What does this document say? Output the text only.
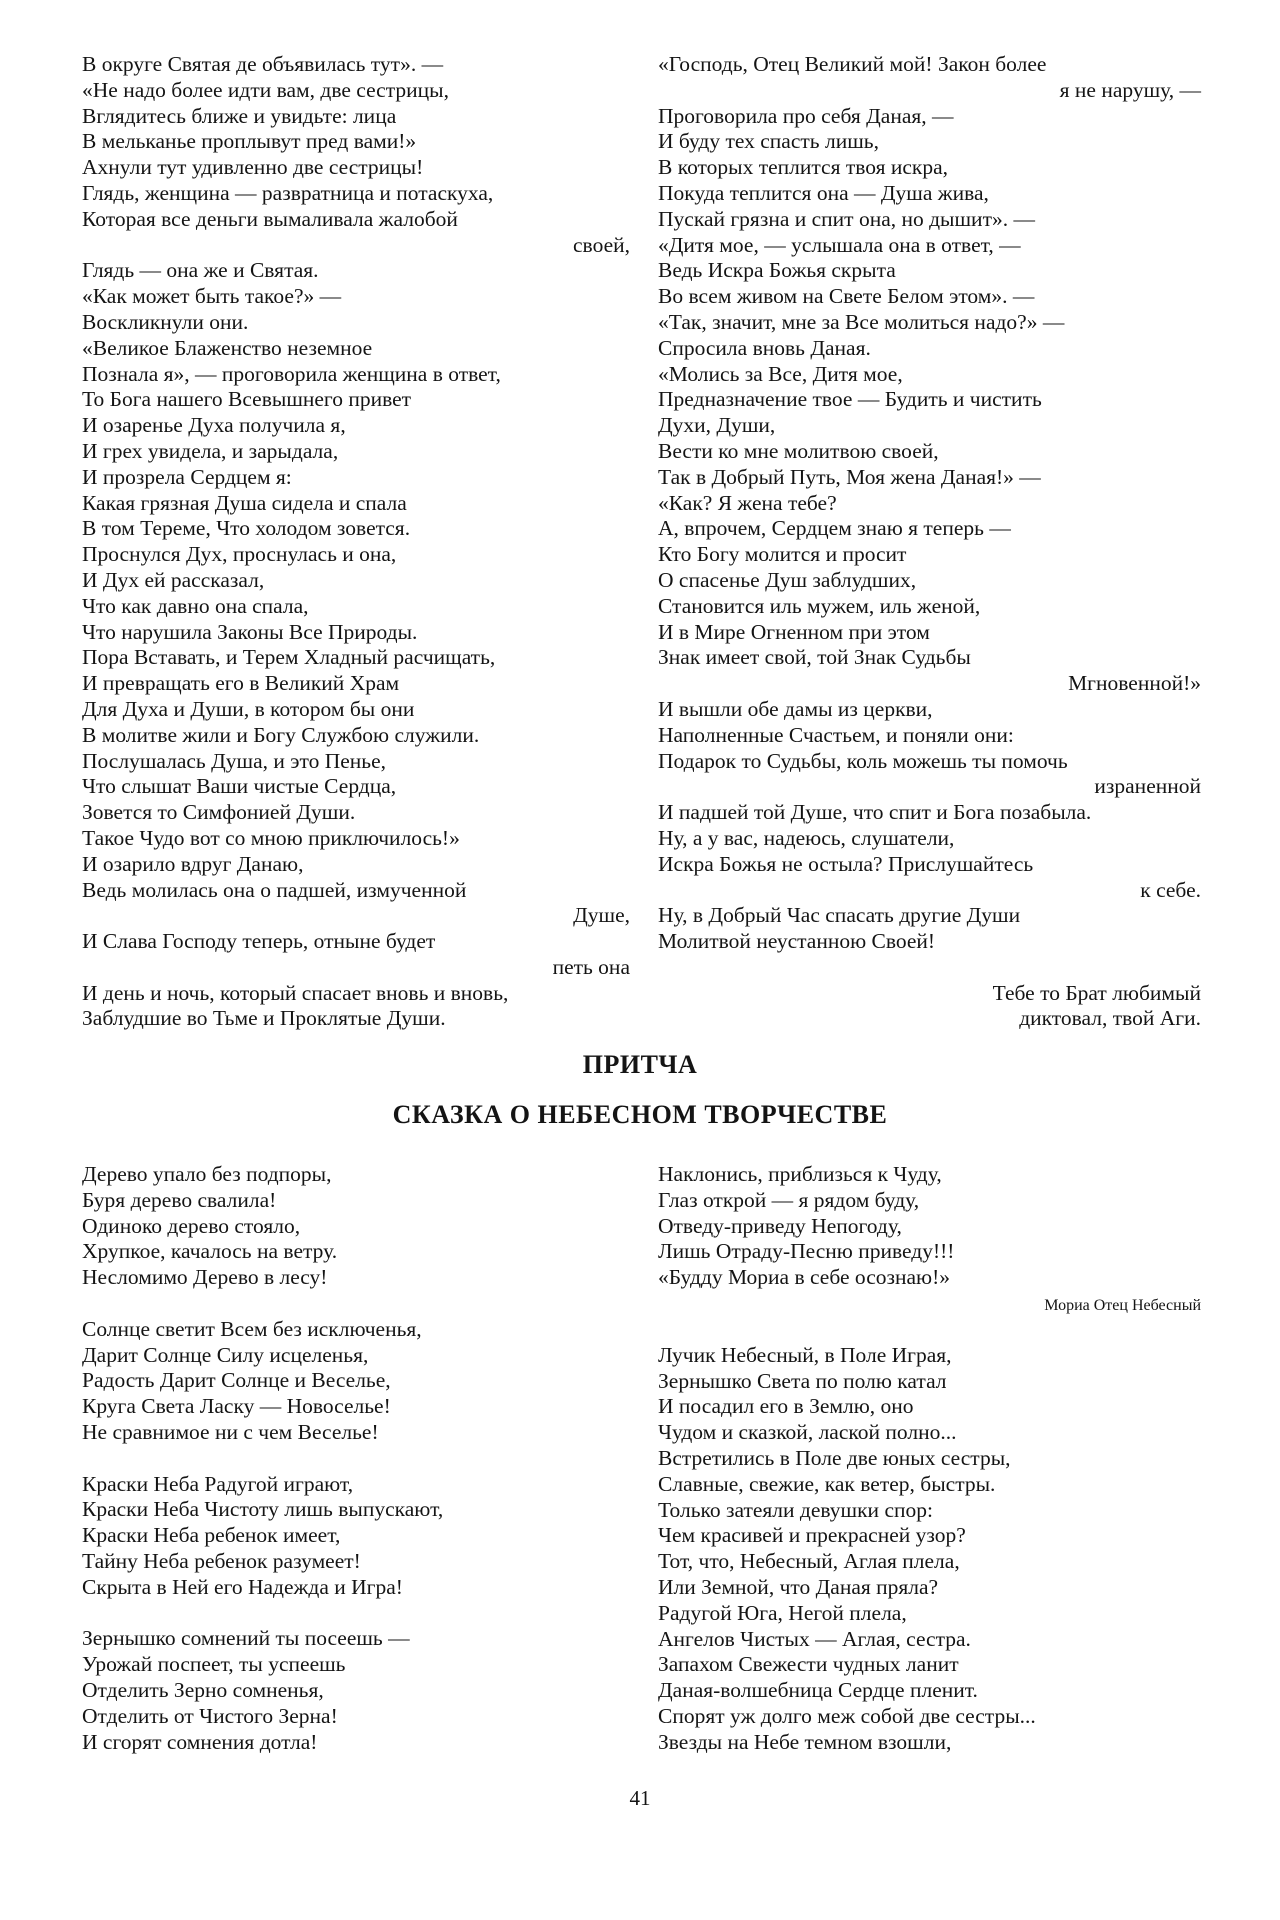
В округе Святая де объявилась тут». —
«Не надо более идти вам, две сестрицы,
Вглядитесь ближе и увидьте: лица
В мельканье проплывут пред вами!»
Ахнули тут удивленно две сестрицы!
Глядь, женщина — развратница и потаскуха,
Которая все деньги вымаливала жалобой
своей,
Глядь — она же и Святая.
«Как может быть такое?» —
Воскликнули они.
«Великое Блаженство неземное
Познала я», — проговорила женщина в ответ,
То Бога нашего Всевышнего привет
И озаренье Духа получила я,
И грех увидела, и зарыдала,
И прозрела Сердцем я:
Какая грязная Душа сидела и спала
В том Тереме, Что холодом зовется.
Проснулся Дух, проснулась и она,
И Дух ей рассказал,
Что как давно она спала,
Что нарушила Законы Все Природы.
Пора Вставать, и Терем Хладный расчищать,
И превращать его в Великий Храм
Для Духа и Души, в котором бы они
В молитве жили и Богу Службою служили.
Послушалась Душа, и это Пенье,
Что слышат Ваши чистые Сердца,
Зовется то Симфонией Души.
Такое Чудо вот со мною приключилось!»
И озарило вдруг Данаю,
Ведь молилась она о падшей, измученной
Душе,
И Слава Господу теперь, отныне будет
петь она
И день и ночь, который спасает вновь и вновь,
Заблудшие во Тьме и Проклятые Души.
«Господь, Отец Великий мой! Закон более
я не нарушу, —
Проговорила про себя Даная, —
И буду тех спасть лишь,
В которых теплится твоя искра,
Покуда теплится она — Душа жива,
Пускай грязна и спит она, но дышит». —
«Дитя мое, — услышала она в ответ, —
Ведь Искра Божья скрыта
Во всем живом на Свете Белом этом». —
«Так, значит, мне за Все молиться надо?» —
Спросила вновь Даная.
«Молись за Все, Дитя мое,
Предназначение твое — Будить и чистить
Духи, Души,
Вести ко мне молитвою своей,
Так в Добрый Путь, Моя жена Даная!» —
«Как? Я жена тебе?
А, впрочем, Сердцем знаю я теперь —
Кто Богу молится и просит
О спасенье Душ заблудших,
Становится иль мужем, иль женой,
И в Мире Огненном при этом
Знак имеет свой, той Знак Судьбы
Мгновенной!»
И вышли обе дамы из церкви,
Наполненные Счастьем, и поняли они:
Подарок то Судьбы, коль можешь ты помочь
израненной
И падшей той Душе, что спит и Бога позабыла.
Ну, а у вас, надеюсь, слушатели,
Искра Божья не остыла? Прислушайтесь
к себе.
Ну, в Добрый Час спасать другие Души
Молитвой неустанною Своей!
Тебе то Брат любимый
диктовал, твой Аги.
ПРИТЧА
СКАЗКА О НЕБЕСНОМ ТВОРЧЕСТВЕ
Дерево упало без подпоры,
Буря дерево свалила!
Одиноко дерево стояло,
Хрупкое, качалось на ветру.
Несломимо Дерево в лесу!
Солнце светит Всем без исключенья,
Дарит Солнце Силу исцеленья,
Радость Дарит Солнце и Веселье,
Круга Света Ласку — Новоселье!
Не сравнимое ни с чем Веселье!
Краски Неба Радугой играют,
Краски Неба Чистоту лишь выпускают,
Краски Неба ребенок имеет,
Тайну Неба ребенок разумеет!
Скрыта в Ней его Надежда и Игра!
Зернышко сомнений ты посеешь —
Урожай поспеет, ты успеешь
Отделить Зерно сомненья,
Отделить от Чистого Зерна!
И сгорят сомнения дотла!
Наклонись, приблизься к Чуду,
Глаз открой — я рядом буду,
Отведу-приведу Непогоду,
Лишь Отраду-Песню приведу!!!
«Будду Мориа в себе осознаю!»
Мориа Отец Небесный
Лучик Небесный, в Поле Играя,
Зернышко Света по полю катал
И посадил его в Землю, оно
Чудом и сказкой, лаской полно...
Встретились в Поле две юных сестры,
Славные, свежие, как ветер, быстры.
Только затеяли девушки спор:
Чем красивей и прекрасней узор?
Тот, что, Небесный, Аглая плела,
Или Земной, что Даная пряла?
Радугой Юга, Негой плела,
Ангелов Чистых — Аглая, сестра.
Запахом Свежести чудных ланит
Даная-волшебница Сердце пленит.
Спорят уж долго меж собой две сестры...
Звезды на Небе темном взошли,
41
